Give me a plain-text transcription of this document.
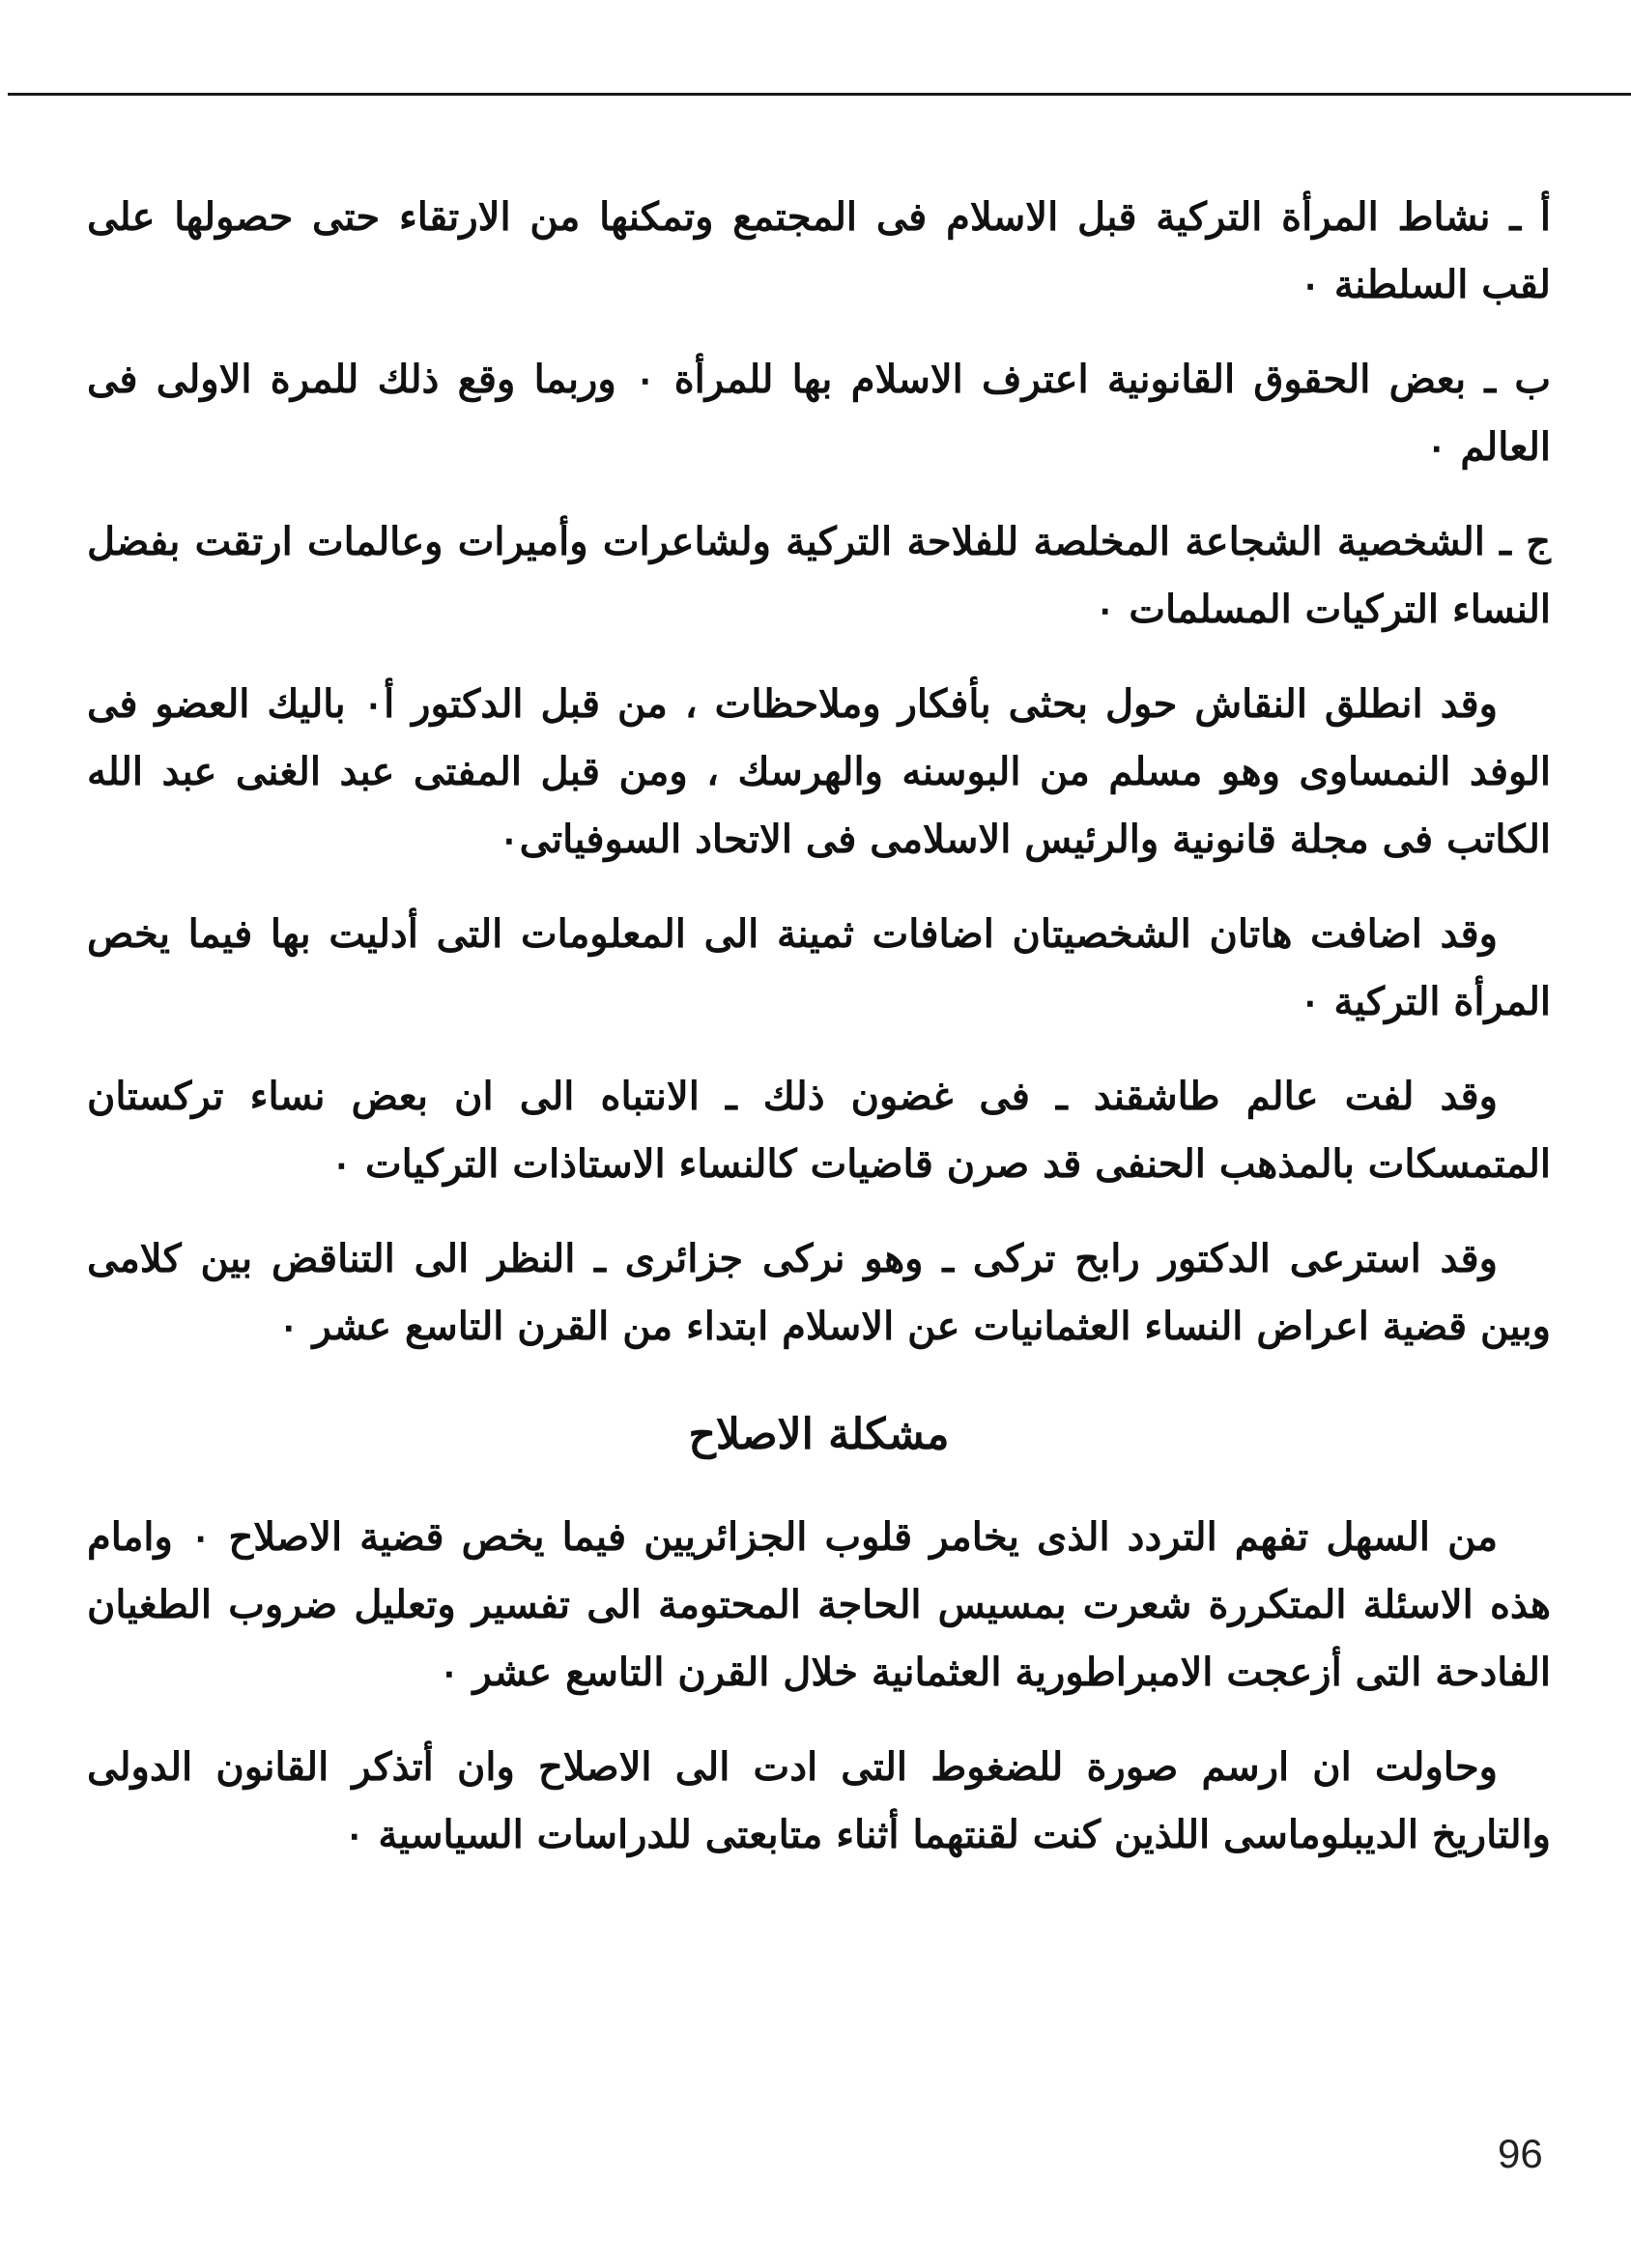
أ ـ نشاط المرأة التركية قبل الاسلام فى المجتمع وتمكنها من الارتقاء حتى حصولها على لقب السلطنة ٠

ب ـ بعض الحقوق القانونية اعترف الاسلام بها للمرأة ٠ وربما وقع ذلك للمرة الاولى فى العالم ٠

ج ـ الشخصية الشجاعة المخلصة للفلاحة التركية ولشاعرات وأميرات وعالمات ارتقت بفضل النساء التركيات المسلمات ٠

وقد انطلق النقاش حول بحثى بأفكار وملاحظات ، من قبل الدكتور أ٠ باليك العضو فى الوفد النمساوى وهو مسلم من البوسنه والهرسك ، ومن قبل المفتى عبد الغنى عبد الله الكاتب فى مجلة قانونية والرئيس الاسلامى فى الاتحاد السوفياتى٠

وقد اضافت هاتان الشخصيتان اضافات ثمينة الى المعلومات التى أدليت بها فيما يخص المرأة التركية ٠

وقد لفت عالم طاشقند ـ فى غضون ذلك ـ الانتباه الى ان بعض نساء تركستان المتمسكات بالمذهب الحنفى قد صرن قاضيات كالنساء الاستاذات التركيات ٠

وقد استرعى الدكتور رابح تركى ـ وهو نركى جزائرى ـ النظر الى التناقض بين كلامى وبين قضية اعراض النساء العثمانيات عن الاسلام ابتداء من القرن التاسع عشر ٠

مشكلة الاصلاح

من السهل تفهم التردد الذى يخامر قلوب الجزائريين فيما يخص قضية الاصلاح ٠ وامام هذه الاسئلة المتكررة شعرت بمسيس الحاجة المحتومة الى تفسير وتعليل ضروب الطغيان الفادحة التى أزعجت الامبراطورية العثمانية خلال القرن التاسع عشر ٠

وحاولت ان ارسم صورة للضغوط التى ادت الى الاصلاح وان أتذكر القانون الدولى والتاريخ الديبلوماسى اللذين كنت لقنتهما أثناء متابعتى للدراسات السياسية ٠

96
